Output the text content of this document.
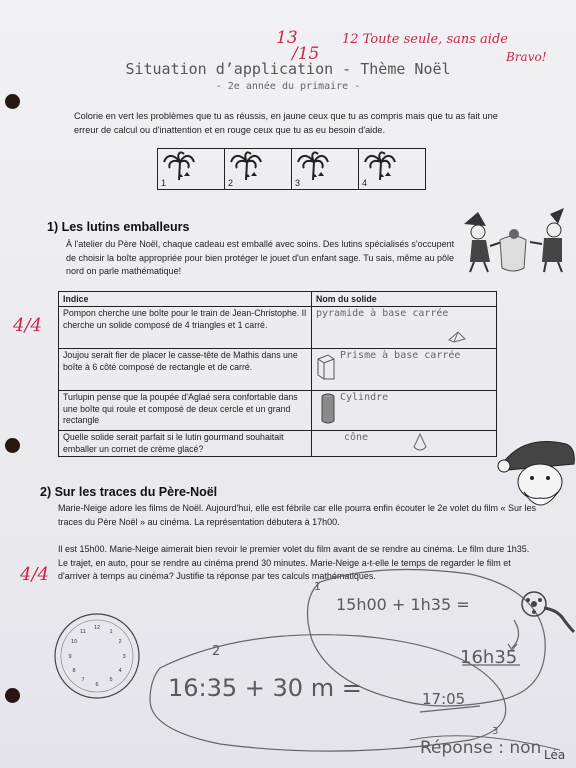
13
/15
12 Toute seule, sans aide
Bravo!
Situation d’application - Thème Noël
- 2e année du primaire -
Colorie en vert les problèmes que tu as réussis, en jaune ceux que tu as compris mais que tu as fait une erreur de calcul ou d'inattention et en rouge ceux que tu as eu besoin d'aide.
1	2	3	4
1) Les lutins emballeurs
À l'atelier du Père Noël, chaque cadeau est emballé avec soins. Des lutins spécialisés s'occupent de choisir la boîte appropriée pour bien protéger le jouet d'un enfant sage. Tu sais, même au pôle nord on parle mathématique!
4/4
Indice	Nom du solide
Pompon cherche une boîte pour le train de Jean-Christophe. Il cherche un solide composé de 4 triangles et 1 carré.	pyramide à base carrée

Joujou serait fier de placer le casse-tête de Mathis dans une boîte à 6 côté composé de rectangle et de carré.	Prisme à base carrée
Turlupin pense que la poupée d'Aglaé sera confortable dans une boîte qui roule et composé de deux cercle et un grand rectangle	Cylindre
Quelle solide serait parfait si le lutin gourmand souhaitait emballer un cornet de crème glacé?	cône
2) Sur les traces du Père-Noël
Marie-Neige adore les films de Noël. Aujourd'hui, elle est fébrile car elle pourra enfin écouter le 2e volet du film « Sur les traces du Père Noël » au cinéma. La représentation débutera à 17h00.
Il est 15h00. Marie-Neige aimerait bien revoir le premier volet du film avant de se rendre au cinéma. Le film dure 1h35. Le trajet, en auto, pour se rendre au cinéma prend 30 minutes. Marie-Neige a-t-elle le temps de regarder le film et d'arriver à temps au cinéma? Justifie ta réponse par tes calculs mathématiques.
4/4
12
1
2
3
4
5
6
7
8
9
10
11
1
15h00 + 1h35 =
16h35
2
16:35 + 30 m =	17:05
3
Réponse : non Léa
